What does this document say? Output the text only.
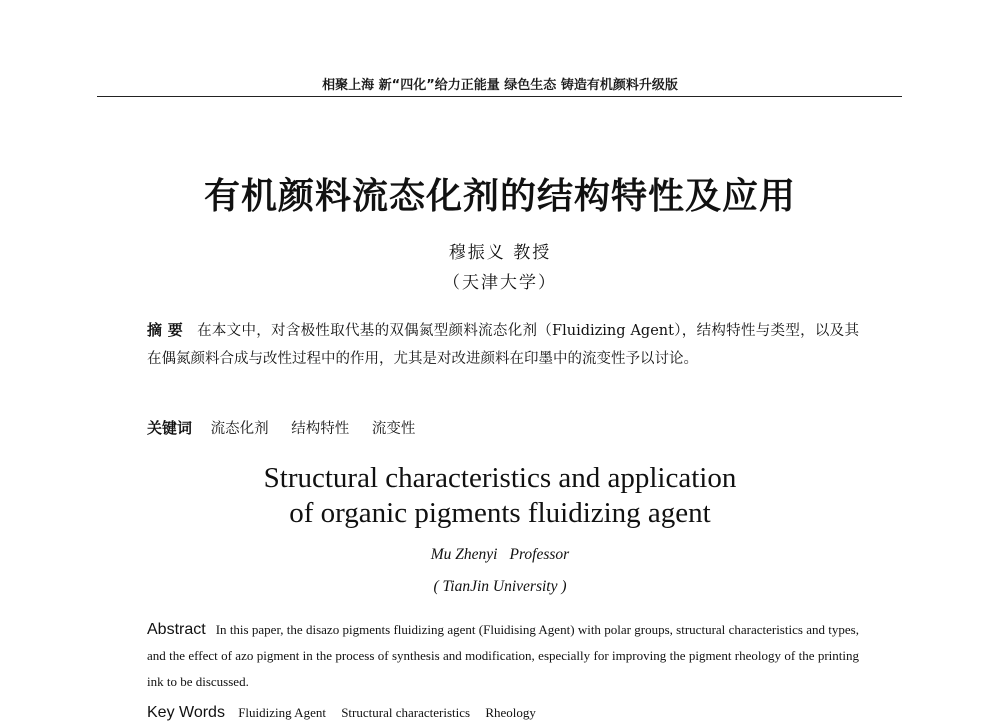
相聚上海 新“四化”给力正能量 绿色生态 铸造有机颜料升级版
有机颜料流态化剂的结构特性及应用
穆振义 教授
（天津大学）
摘 要 在本文中，对含极性取代基的双偶氮型颜料流态化剂（Fluidizing Agent），结构特性与类型，以及其在偶氮颜料合成与改性过程中的作用，尤其是对改进颜料在印墨中的流变性予以讨论。
关键词 流态化剂 结构特性 流变性
Structural characteristics and application
of organic pigments fluidizing agent
Mu Zhenyi Professor
( TianJin University )
Abstract In this paper, the disazo pigments fluidizing agent (Fluidising Agent) with polar groups, structural characteristics and types, and the effect of azo pigment in the process of synthesis and modification, especially for improving the pigment rheology of the printing ink to be discussed.
Key Words Fluidizing Agent Structural characteristics Rheology
